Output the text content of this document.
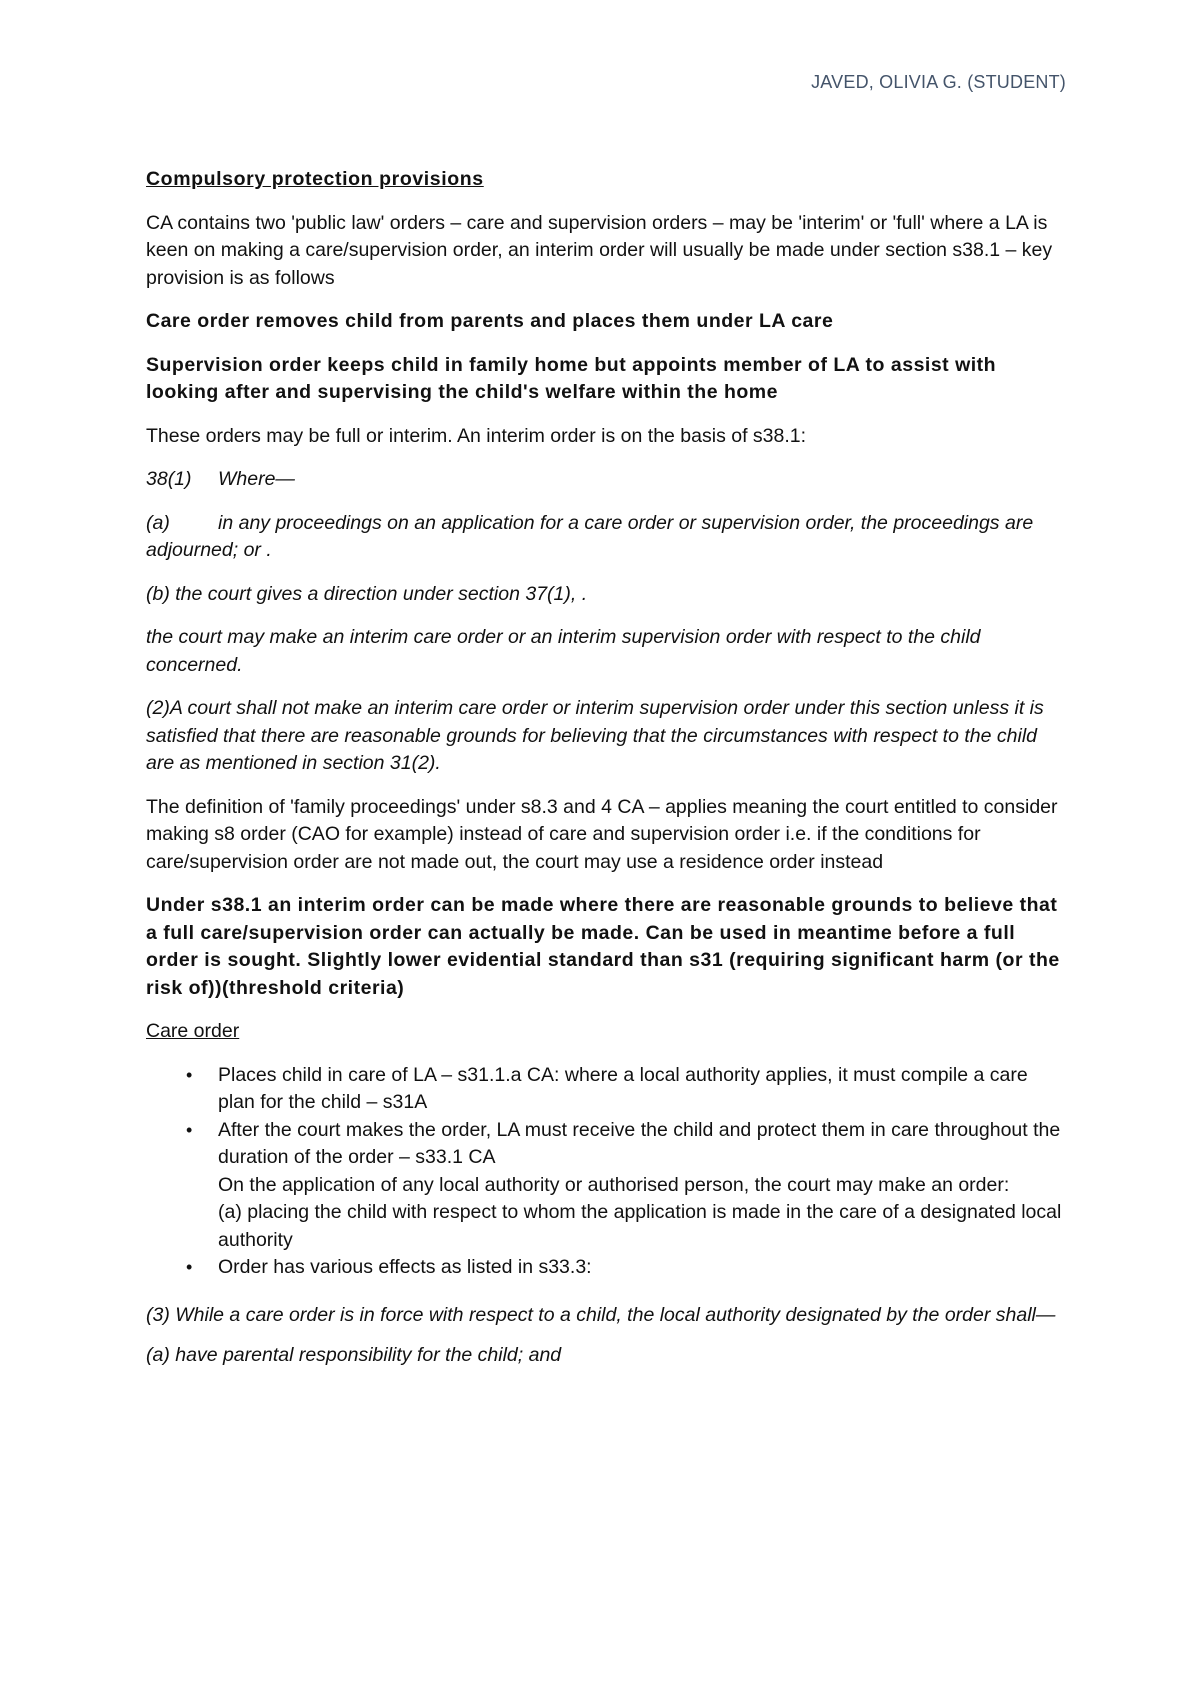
JAVED, OLIVIA G. (STUDENT)

Compulsory protection provisions

CA contains two 'public law' orders – care and supervision orders – may be 'interim' or 'full' where a LA is keen on making a care/supervision order, an interim order will usually be made under section s38.1 – key provision is as follows

Care order removes child from parents and places them under LA care

Supervision order keeps child in family home but appoints member of LA to assist with looking after and supervising the child's welfare within the home

These orders may be full or interim. An interim order is on the basis of s38.1:

38(1) Where—

(a) in any proceedings on an application for a care order or supervision order, the proceedings are adjourned; or .

(b) the court gives a direction under section 37(1), .

the court may make an interim care order or an interim supervision order with respect to the child concerned.

(2)A court shall not make an interim care order or interim supervision order under this section unless it is satisfied that there are reasonable grounds for believing that the circumstances with respect to the child are as mentioned in section 31(2).

The definition of 'family proceedings' under s8.3 and 4 CA – applies meaning the court entitled to consider making s8 order (CAO for example) instead of care and supervision order i.e. if the conditions for care/supervision order are not made out, the court may use a residence order instead

Under s38.1 an interim order can be made where there are reasonable grounds to believe that a full care/supervision order can actually be made. Can be used in meantime before a full order is sought. Slightly lower evidential standard than s31 (requiring significant harm (or the risk of))(threshold criteria)

Care order

• Places child in care of LA – s31.1.a CA: where a local authority applies, it must compile a care plan for the child – s31A
• After the court makes the order, LA must receive the child and protect them in care throughout the duration of the order – s33.1 CA
On the application of any local authority or authorised person, the court may make an order:
(a) placing the child with respect to whom the application is made in the care of a designated local authority
• Order has various effects as listed in s33.3:

(3) While a care order is in force with respect to a child, the local authority designated by the order shall—

(a) have parental responsibility for the child; and
